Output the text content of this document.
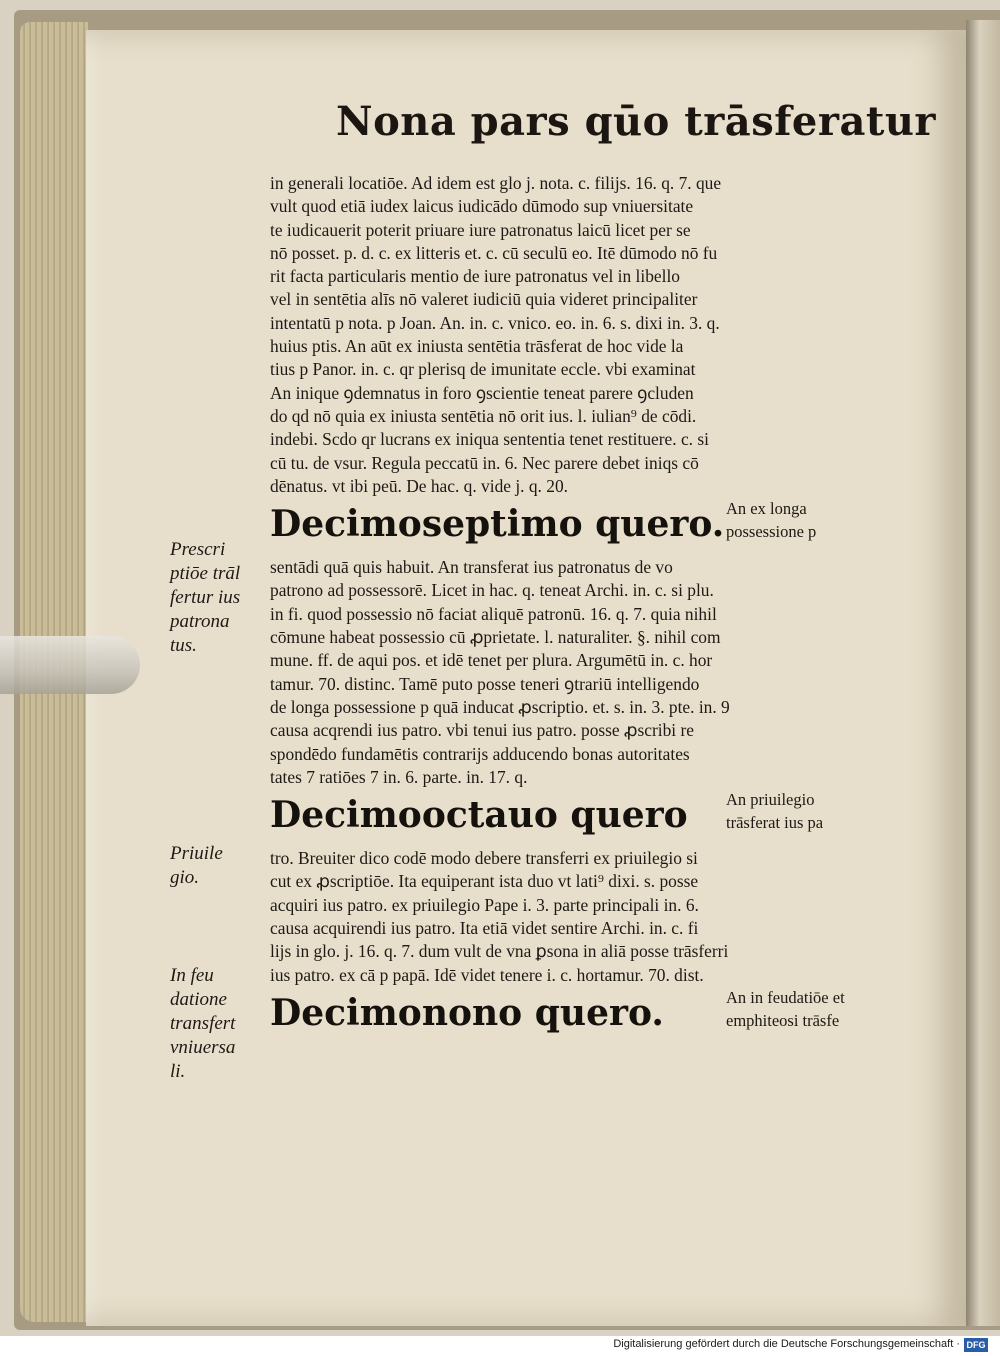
Nona pars qūo trāsferatur
in generali locatiōe. Ad idem est glo j. nota. c. filijs. 16. q. 7. que
vult quod etiā iudex laicus iudicādo dūmodo sup vniuersitate
te iudicauerit poterit priuare iure patronatus laicū licet per se
nō posset. p. d. c. ex litteris et. c. cū seculū eo. Itē dūmodo nō fu
rit facta particularis mentio de iure patronatus vel in libello
vel in sentētia alīs nō valeret iudiciū quia videret principaliter
intentatū p nota. p Joan. An. in. c. vnico. eo. in. 6. s. dixi in. 3. q.
huius ptis. An aūt ex iniusta sentētia trāsferat de hoc vide la
tius p Panor. in. c. qr plerisq de imunitate eccle. vbi examinat
An inique ꝯdemnatus in foro ꝯscientie teneat parere ꝯcluden
do qd nō quia ex iniusta sentētia nō orit ius. l. iulian⁹ de cōdi.
indebi. Scdo qr lucrans ex iniqua sententia tenet restituere. c. si
cū tu. de vsur. Regula peccatū in. 6. Nec parere debet iniqs cō
dēnatus. vt ibi peū. De hac. q. vide j. q. 20.
Decimoseptimo quero. An ex longa
possessione p
sentādi quā quis habuit. An transferat ius patronatus de vo
patrono ad possessorē. Licet in hac. q. teneat Archi. in. c. si plu.
in fi. quod possessio nō faciat aliquē patronū. 16. q. 7. quia nihil
cōmune habeat possessio cū ꝓprietate. l. naturaliter. §. nihil com
mune. ff. de aqui pos. et idē tenet per plura. Argumētū in. c. hor
tamur. 70. distinc. Tamē puto posse teneri ꝯtrariū intelligendo
de longa possessione p quā inducat ꝓscriptio. et. s. in. 3. pte. in. 9
causa acqrendi ius patro. vbi tenui ius patro. posse ꝓscribi re
spondēdo fundamētis contrarijs adducendo bonas autoritates
tates 7 ratiōes 7 in. 6. parte. in. 17. q.
Decimooctauo quero An priuilegio
trāsferat ius pa
tro. Breuiter dico codē modo debere transferri ex priuilegio si
cut ex ꝓscriptiōe. Ita equiperant ista duo vt lati⁹ dixi. s. posse
acquiri ius patro. ex priuilegio Pape i. 3. parte principali in. 6.
causa acquirendi ius patro. Ita etiā videt sentire Archi. in. c. fi
lijs in glo. j. 16. q. 7. dum vult de vna ꝑsona in aliā posse trāsferri
ius patro. ex cā p papā. Idē videt tenere i. c. hortamur. 70. dist.
Decimonono quero.	An in feudatiōe et
emphiteosi trāsfe
Prescri
ptiōe trāl
fertur ius
patrona
tus.
Priuile
gio.
In feu
datione
transfert
vniuersa
li.
Digitalisierung gefördert durch die Deutsche Forschungsgemeinschaft · DFG
